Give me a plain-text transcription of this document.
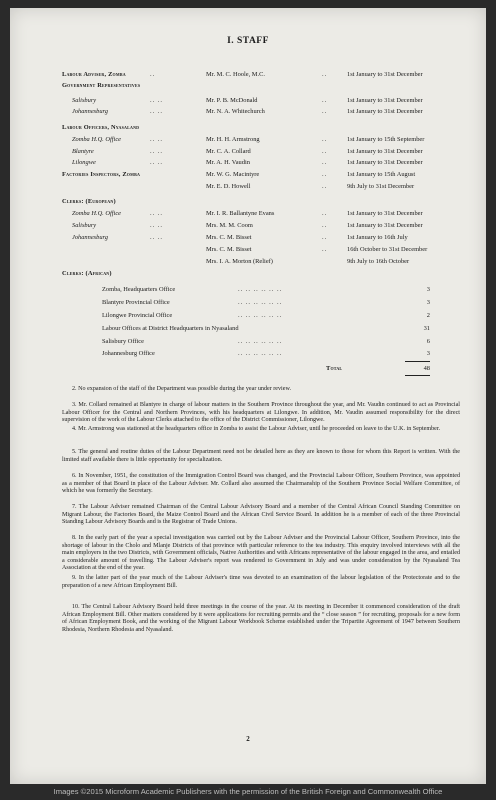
I. STAFF
Labour Adviser, Zomba	..	Mr. M. C. Hoole, M.C.	..	1st January to 31st December
Government Representatives
Salisbury	.. ..	Mr. P. B. McDonald	..	1st January to 31st December
Johannesburg	.. ..	Mr. N. A. Whitechurch	..	1st January to 31st December
Labour Officers, Nyasaland
Zomba H.Q. Office	.. ..	Mr. H. H. Armstrong	..	1st January to 15th September
Blantyre	.. ..	Mr. C. A. Collard	..	1st January to 31st December
Lilongwe	.. ..	Mr. A. H. Vaudin	..	1st January to 31st December
Factories Inspectors, Zomba	Mr. W. G. Macintyre	..	1st January to 15th August
Mr. E. D. Howell	..	9th July to 31st December
Clerks: (European)
Zomba H.Q. Office	.. ..	Mr. I. R. Ballantyne Evans	..	1st January to 31st December
Salisbury	.. ..	Mrs. M. M. Coom	..	1st January to 31st December
Johannesburg	.. ..	Mrs. C. M. Bisset	..	1st January to 16th July
Mrs. C. M. Bisset	..	16th October to 31st December
Mrs. I. A. Morton (Relief)	9th July to 16th October
Clerks: (African)
Zomba, Headquarters Office	.. .. .. .. .. ..	3
Blantyre Provincial Office	.. .. .. .. .. ..	3
Lilongwe Provincial Office	.. .. .. .. .. ..	2
Labour Offices at District Headquarters in Nyasaland	31
Salisbury Office	.. .. .. .. .. ..	6
Johannesburg Office	.. .. .. .. .. ..	3
Total	48
2. No expansion of the staff of the Department was possible during the year under review.
3. Mr. Collard remained at Blantyre in charge of labour matters in the Southern Province throughout the year, and Mr. Vaudin continued to act as Provincial Labour Officer for the Central and Northern Provinces, with his headquarters at Lilongwe. In addition, Mr. Vaudin assumed responsibility for the direct supervision of the work of the Labour Clerks attached to the office of the District Commissioner, Lilongwe.
4. Mr. Armstrong was stationed at the headquarters office in Zomba to assist the Labour Adviser, until he proceeded on leave to the U.K. in September.
5. The general and routine duties of the Labour Department need not be detailed here as they are known to those for whom this Report is written. With the limited staff available there is little opportunity for specialization.
6. In November, 1951, the constitution of the Immigration Control Board was changed, and the Provincial Labour Officer, Southern Province, was appointed as a member of that Board in place of the Labour Adviser. Mr. Collard also assumed the Chairmanship of the Southern Province Social Welfare Committee, of which he was formerly the Secretary.
7. The Labour Adviser remained Chairman of the Central Labour Advisory Board and a member of the Central African Council Standing Committee on Migrant Labour, the Factories Board, the Maize Control Board and the African Civil Service Board. In addition he is a member of each of the three Provincial Standing Labour Advisory Boards and is the Registrar of Trade Unions.
8. In the early part of the year a special investigation was carried out by the Labour Adviser and the Provincial Labour Officer, Southern Province, into the shortage of labour in the Cholo and Mlanje Districts of that province with particular reference to the tea industry. This enquiry involved interviews with all the main employers in the two Districts, with Government officials, Native Authorities and with Africans representative of the labour engaged in the area, and entailed a considerable amount of travelling. The Labour Adviser's report was rendered to Government in July and was under consideration by the Nyasaland Tea Association at the end of the year.
9. In the latter part of the year much of the Labour Adviser's time was devoted to an examination of the labour legislation of the Protectorate and to the preparation of a new African Employment Bill.
10. The Central Labour Advisory Board held three meetings in the course of the year. At its meeting in December it commenced consideration of the draft African Employment Bill. Other matters considered by it were applications for recruiting permits and the “ close season ” for recruiting, proposals for a new form of African Employment Book, and the working of the Migrant Labour Workbook Scheme established under the Tripartite Agreement of 1947 between Southern Rhodesia, Northern Rhodesia and Nyasaland.
2
Images ©2015 Microform Academic Publishers with the permission of the British Foreign and Commonwealth Office
